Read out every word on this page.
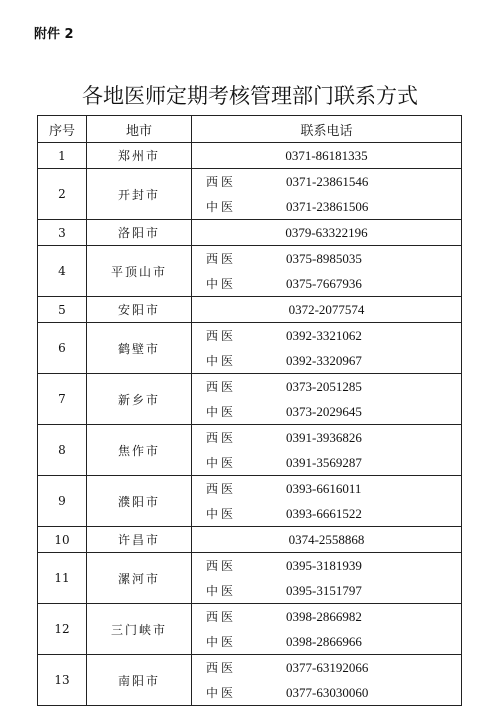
附件 2
各地医师定期考核管理部门联系方式
序号	地市	联系电话
1	郑州市	0371-86181335
2	开封市	西医 0371-23861546
中医 0371-23861506

3	洛阳市	0379-63322196
4	平顶山市	西医 0375-8985035
中医 0375-7667936

5	安阳市	0372-2077574
6	鹤壁市	西医 0392-3321062
中医 0392-3320967

7	新乡市	西医 0373-2051285
中医 0373-2029645

8	焦作市	西医 0391-3936826
中医 0391-3569287

9	濮阳市	西医 0393-6616011
中医 0393-6661522

10	许昌市	0374-2558868
11	漯河市	西医 0395-3181939
中医 0395-3151797

12	三门峡市	西医 0398-2866982
中医 0398-2866966

13	南阳市	西医 0377-63192066
中医 0377-63030060
